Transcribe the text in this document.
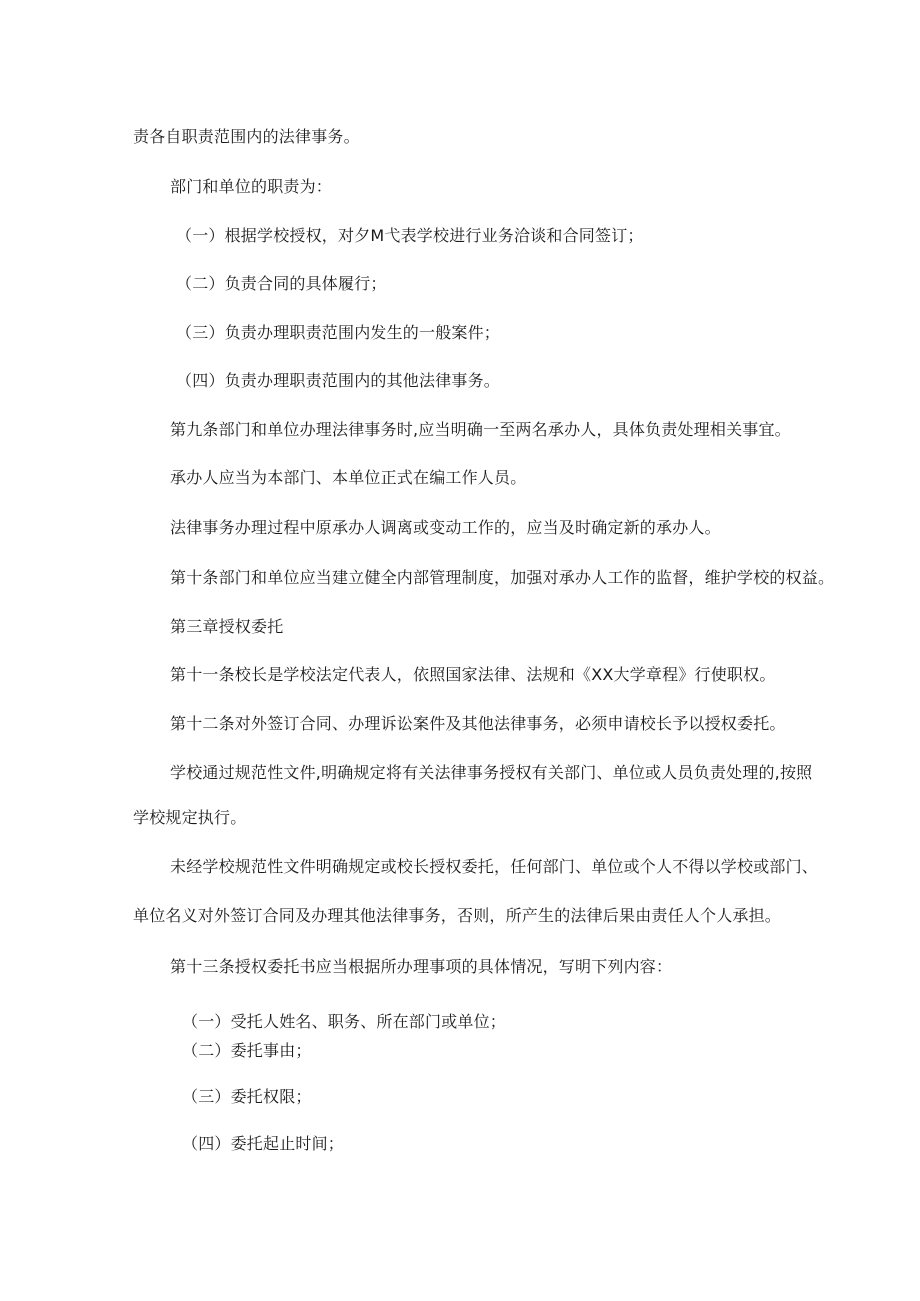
责各自职责范围内的法律事务。
部门和单位的职责为：
（一）根据学校授权，对夕M弋表学校进行业务洽谈和合同签订；
（二）负责合同的具体履行；
（三）负责办理职责范围内发生的一般案件；
（四）负责办理职责范围内的其他法律事务。
第九条部门和单位办理法律事务时,应当明确一至两名承办人，具体负责处理相关事宜。
承办人应当为本部门、本单位正式在编工作人员。
法律事务办理过程中原承办人调离或变动工作的，应当及时确定新的承办人。
第十条部门和单位应当建立健全内部管理制度，加强对承办人工作的监督，维护学校的权益。
第三章授权委托
第十一条校长是学校法定代表人，依照国家法律、法规和《XX大学章程》行使职权。
第十二条对外签订合同、办理诉讼案件及其他法律事务，必须申请校长予以授权委托。
学校通过规范性文件,明确规定将有关法律事务授权有关部门、单位或人员负责处理的,按照
学校规定执行。
未经学校规范性文件明确规定或校长授权委托，任何部门、单位或个人不得以学校或部门、
单位名义对外签订合同及办理其他法律事务，否则，所产生的法律后果由责任人个人承担。
第十三条授权委托书应当根据所办理事项的具体情况，写明下列内容：
（一）受托人姓名、职务、所在部门或单位；
（二）委托事由；
（三）委托权限；
（四）委托起止时间；
